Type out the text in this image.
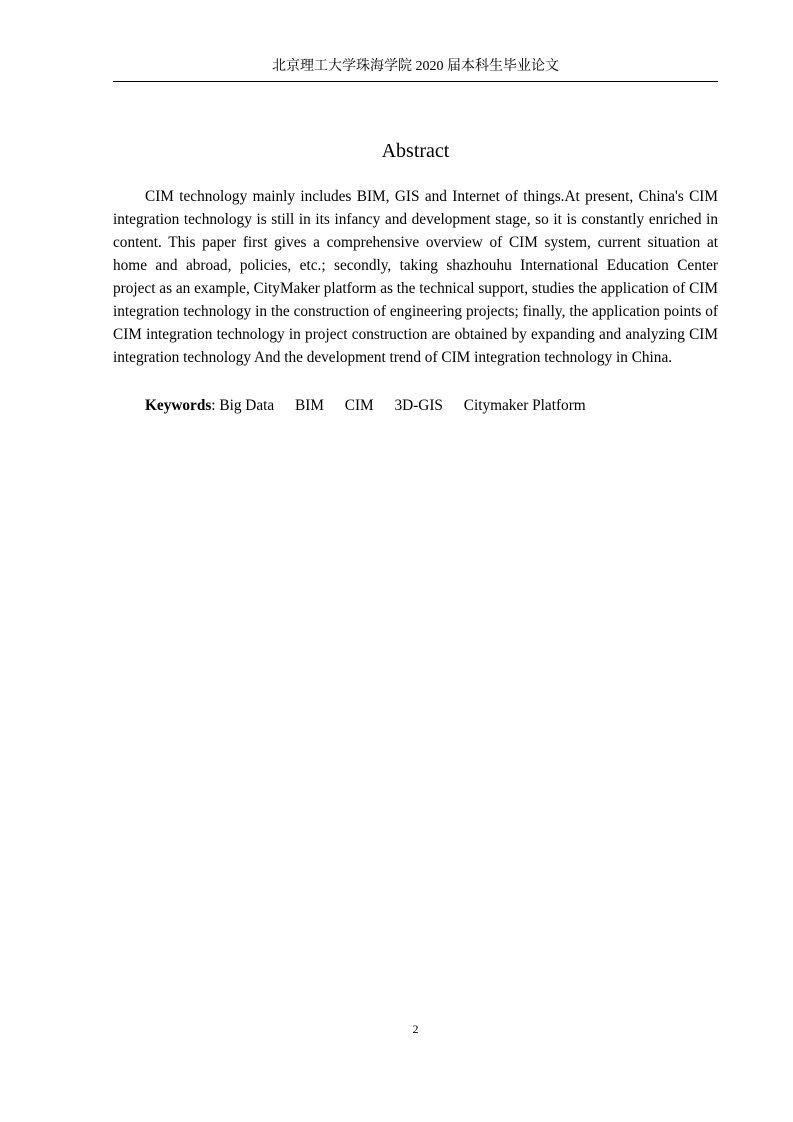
北京理工大学珠海学院 2020 届本科生毕业论文
Abstract

CIM technology mainly includes BIM, GIS and Internet of things.At present, China's CIM integration technology is still in its infancy and development stage, so it is constantly enriched in content. This paper first gives a comprehensive overview of CIM system, current situation at home and abroad, policies, etc.; secondly, taking shazhouhu International Education Center project as an example, CityMaker platform as the technical support, studies the application of CIM integration technology in the construction of engineering projects; finally, the application points of CIM integration technology in project construction are obtained by expanding and analyzing CIM integration technology And the development trend of CIM integration technology in China.

Keywords: Big Data BIM CIM 3D-GIS Citymaker Platform
2
